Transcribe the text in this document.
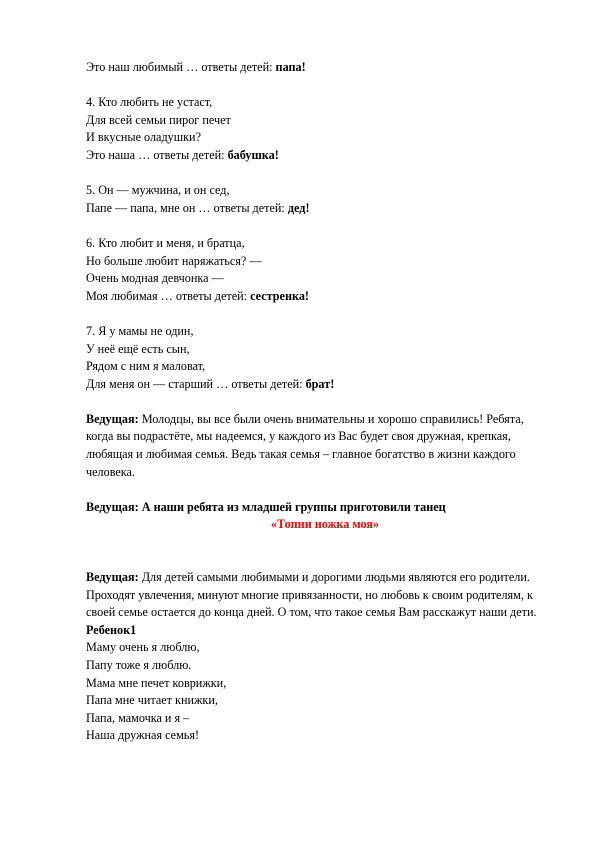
Это наш любимый … ответы детей: папа!
4. Кто любить не устаст,
Для всей семьи пирог печет
И вкусные оладушки?
Это наша … ответы детей: бабушка!
5. Он — мужчина, и он сед,
Папе — папа, мне он … ответы детей: дед!
6. Кто любит и меня, и братца,
Но больше любит наряжаться? —
Очень модная девчонка —
Моя любимая … ответы детей: сестренка!
7. Я у мамы не один,
У неё ещё есть сын,
Рядом с ним я маловат,
Для меня он — старший … ответы детей: брат!
Ведущая: Молодцы, вы все были очень внимательны и хорошо справились! Ребята, когда вы подрастёте, мы надеемся, у каждого из Вас будет своя дружная, крепкая, любящая и любимая семья. Ведь такая семья – главное богатство в жизни каждого человека.
Ведущая: А наши ребята из младшей группы приготовили танец
«Топни ножка моя»
Ведущая: Для детей самыми любимыми и дорогими людьми являются его родители. Проходят увлечения, минуют многие привязанности, но любовь к своим родителям, к своей семье остается до конца дней. О том, что такое семья Вам расскажут наши дети.
Ребенок1
Маму очень я люблю,
Папу тоже я люблю.
Мама мне печет коврижки,
Папа мне читает книжки,
Папа, мамочка и я –
Наша дружная семья!
